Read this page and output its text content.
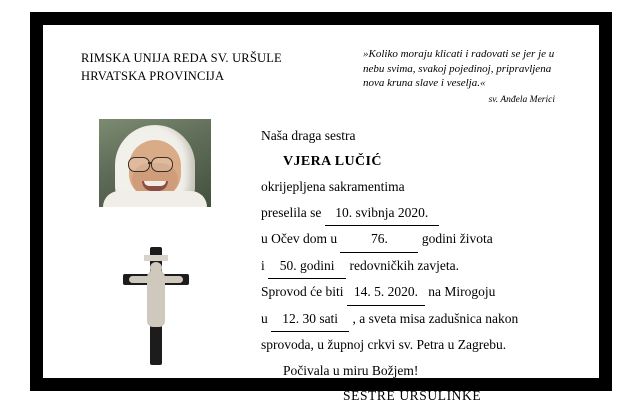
RIMSKA UNIJA REDA SV. URŠULE
HRVATSKA PROVINCIJA
»Koliko moraju klicati i radovati se jer je u nebu svima, svakoj pojedinoj, pripravljena nova kruna slave i veselja.«
sv. Anđela Merici
Naša draga sestra
VJERA LUČIĆ
okrijepljena sakramentima
preselila se 10. svibnja 2020.
u Očev dom u	76.	godini života
i 50. godini redovničkih zavjeta.
Sprovod će biti 14. 5. 2020. na Mirogoju
u 12. 30 sati , a sveta misa zadušnica nakon
sprovoda, u župnoj crkvi sv. Petra u Zagrebu.
Počivala u miru Božjem!
SESTRE URŠULINKE
